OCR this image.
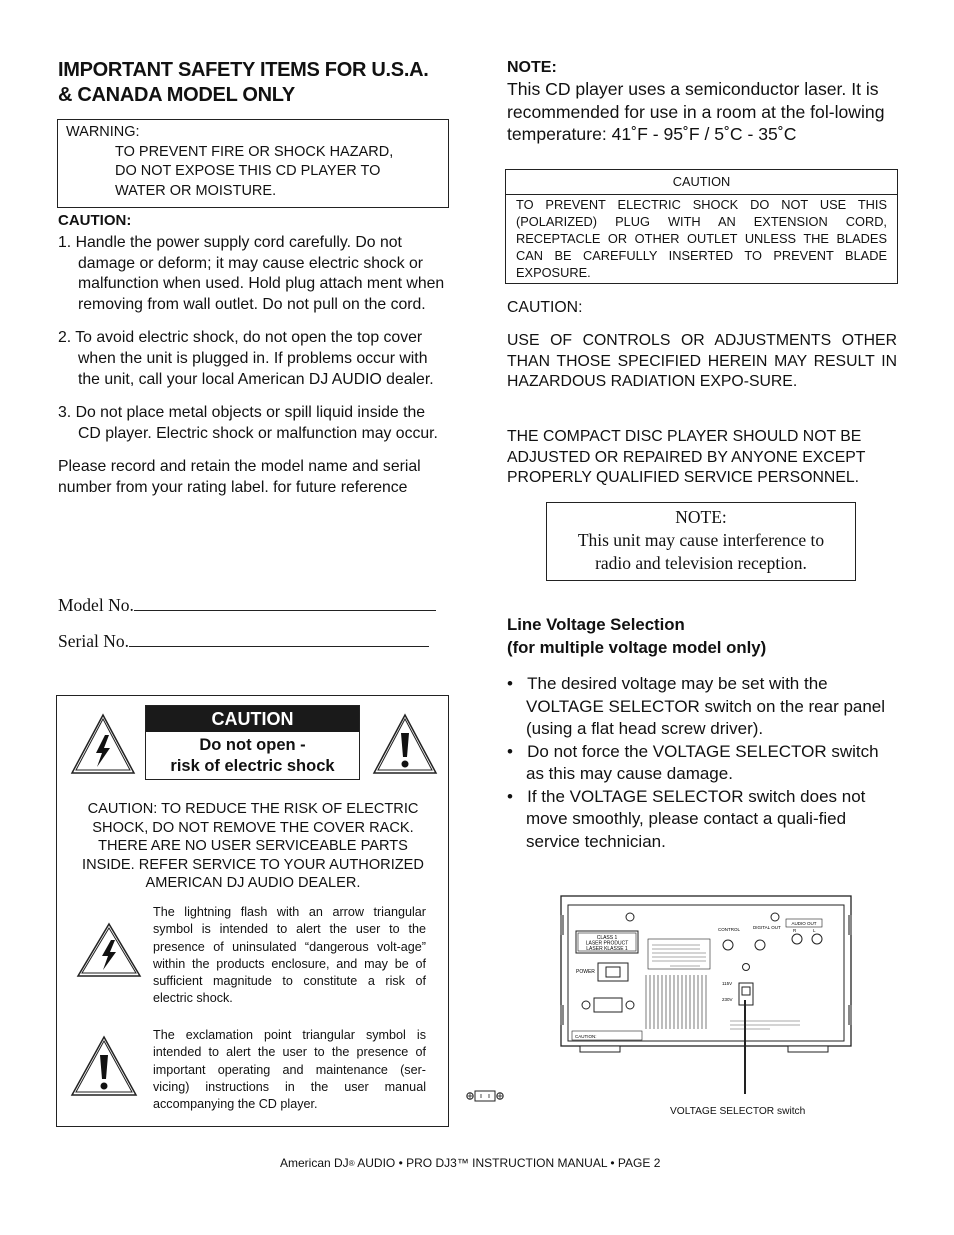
IMPORTANT SAFETY ITEMS FOR U.S.A.
& CANADA MODEL ONLY
WARNING:
TO PREVENT FIRE OR SHOCK HAZARD,
DO NOT EXPOSE THIS CD PLAYER TO
WATER OR MOISTURE.
CAUTION:
1. Handle the power supply cord carefully. Do not damage or deform; it may cause electric shock or malfunction when used. Hold plug attach ment when removing from wall outlet. Do not pull on the cord.
2. To avoid electric shock, do not open the top cover when the unit is plugged in. If problems occur with the unit, call your local American DJ AUDIO dealer.
3. Do not place metal objects or spill liquid inside the CD player. Electric shock or malfunction may occur.
Please record and retain the model name and serial number from your rating label. for future reference
Model No.
Serial No.
CAUTION
Do not open -
risk of electric shock
CAUTION: TO REDUCE THE RISK OF ELECTRIC SHOCK, DO NOT REMOVE THE COVER RACK. THERE ARE NO USER SERVICEABLE PARTS INSIDE. REFER SERVICE TO YOUR AUTHORIZED AMERICAN DJ AUDIO DEALER.
The lightning flash with an arrow triangular symbol is intended to alert the user to the presence of uninsulated “dangerous volt-age” within the products enclosure, and may be of sufficient magnitude to constitute a risk of electric shock.
The exclamation point triangular symbol is intended to alert the user to the presence of important operating and maintenance (ser-vicing) instructions in the user manual accompanying the CD player.
NOTE:
This CD player uses a semiconductor laser. It is recommended for use in a room at the fol-lowing temperature: 41˚F - 95˚F / 5˚C - 35˚C
CAUTION
TO PREVENT ELECTRIC SHOCK DO NOT USE THIS (POLARIZED) PLUG WITH AN EXTENSION CORD, RECEPTACLE OR OTHER OUTLET UNLESS THE BLADES CAN BE CAREFULLY INSERTED TO PREVENT BLADE EXPOSURE.
CAUTION:
USE OF CONTROLS OR ADJUSTMENTS OTHER THAN THOSE SPECIFIED HEREIN MAY RESULT IN HAZARDOUS RADIATION EXPO-SURE.
THE COMPACT DISC PLAYER SHOULD NOT BE ADJUSTED OR REPAIRED BY ANYONE EXCEPT PROPERLY QUALIFIED SERVICE PERSONNEL.
NOTE:
This unit may cause interference to
radio and television reception.
Line Voltage Selection
(for multiple voltage model only)
•   The desired voltage may be set with the VOLTAGE SELECTOR switch on the rear panel (using a flat head screw driver).
•   Do not force the VOLTAGE SELECTOR switch as this may cause damage.
•   If the VOLTAGE SELECTOR switch does not move smoothly, please contact a quali-fied service technician.
CLASS 1
LASER PRODUCT
LASER KLASSE 1
POWER
CONTROL	DIGITAL OUT
AUDIO OUT
R	L
115V
230V
CAUTION:
VOLTAGE SELECTOR switch
American DJ® AUDIO • PRO DJ3™ INSTRUCTION MANUAL • PAGE 2
